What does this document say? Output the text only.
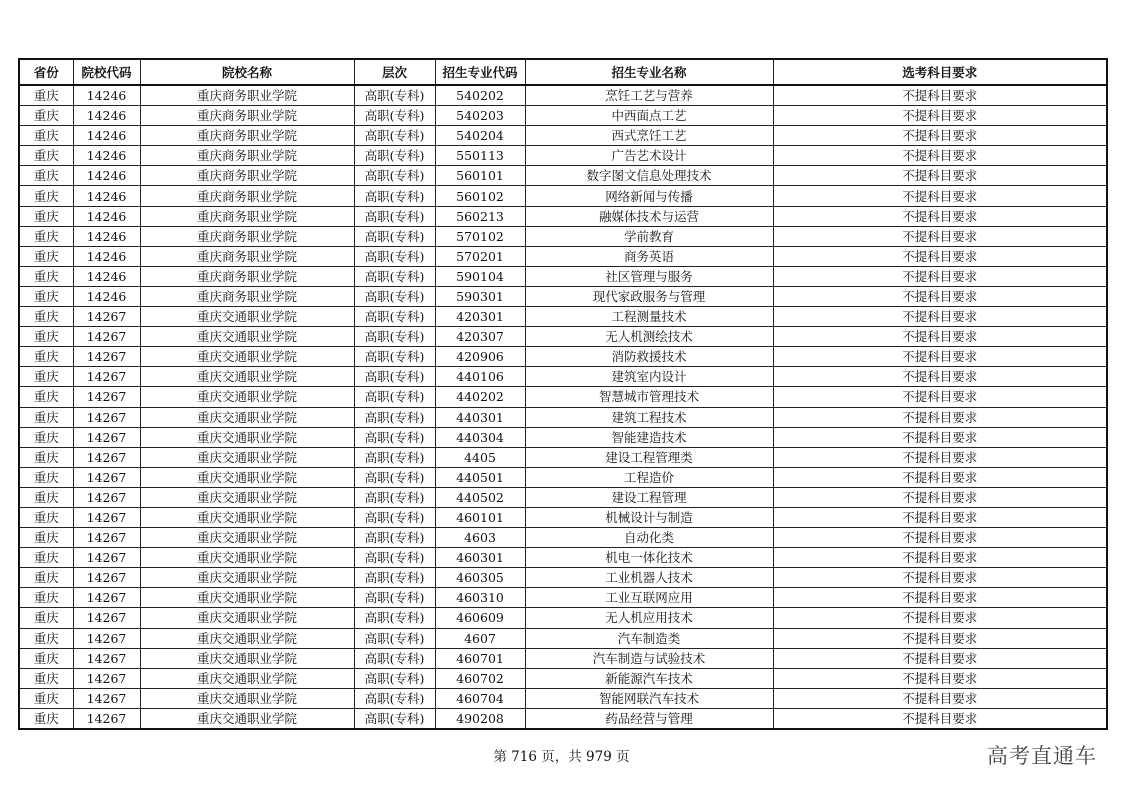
省份	院校代码	院校名称	层次	招生专业代码	招生专业名称	选考科目要求
重庆	14246	重庆商务职业学院	高职(专科)	540202	烹饪工艺与营养	不提科目要求
重庆	14246	重庆商务职业学院	高职(专科)	540203	中西面点工艺	不提科目要求
重庆	14246	重庆商务职业学院	高职(专科)	540204	西式烹饪工艺	不提科目要求
重庆	14246	重庆商务职业学院	高职(专科)	550113	广告艺术设计	不提科目要求
重庆	14246	重庆商务职业学院	高职(专科)	560101	数字图文信息处理技术	不提科目要求
重庆	14246	重庆商务职业学院	高职(专科)	560102	网络新闻与传播	不提科目要求
重庆	14246	重庆商务职业学院	高职(专科)	560213	融媒体技术与运营	不提科目要求
重庆	14246	重庆商务职业学院	高职(专科)	570102	学前教育	不提科目要求
重庆	14246	重庆商务职业学院	高职(专科)	570201	商务英语	不提科目要求
重庆	14246	重庆商务职业学院	高职(专科)	590104	社区管理与服务	不提科目要求
重庆	14246	重庆商务职业学院	高职(专科)	590301	现代家政服务与管理	不提科目要求
重庆	14267	重庆交通职业学院	高职(专科)	420301	工程测量技术	不提科目要求
重庆	14267	重庆交通职业学院	高职(专科)	420307	无人机测绘技术	不提科目要求
重庆	14267	重庆交通职业学院	高职(专科)	420906	消防救援技术	不提科目要求
重庆	14267	重庆交通职业学院	高职(专科)	440106	建筑室内设计	不提科目要求
重庆	14267	重庆交通职业学院	高职(专科)	440202	智慧城市管理技术	不提科目要求
重庆	14267	重庆交通职业学院	高职(专科)	440301	建筑工程技术	不提科目要求
重庆	14267	重庆交通职业学院	高职(专科)	440304	智能建造技术	不提科目要求
重庆	14267	重庆交通职业学院	高职(专科)	4405	建设工程管理类	不提科目要求
重庆	14267	重庆交通职业学院	高职(专科)	440501	工程造价	不提科目要求
重庆	14267	重庆交通职业学院	高职(专科)	440502	建设工程管理	不提科目要求
重庆	14267	重庆交通职业学院	高职(专科)	460101	机械设计与制造	不提科目要求
重庆	14267	重庆交通职业学院	高职(专科)	4603	自动化类	不提科目要求
重庆	14267	重庆交通职业学院	高职(专科)	460301	机电一体化技术	不提科目要求
重庆	14267	重庆交通职业学院	高职(专科)	460305	工业机器人技术	不提科目要求
重庆	14267	重庆交通职业学院	高职(专科)	460310	工业互联网应用	不提科目要求
重庆	14267	重庆交通职业学院	高职(专科)	460609	无人机应用技术	不提科目要求
重庆	14267	重庆交通职业学院	高职(专科)	4607	汽车制造类	不提科目要求
重庆	14267	重庆交通职业学院	高职(专科)	460701	汽车制造与试验技术	不提科目要求
重庆	14267	重庆交通职业学院	高职(专科)	460702	新能源汽车技术	不提科目要求
重庆	14267	重庆交通职业学院	高职(专科)	460704	智能网联汽车技术	不提科目要求
重庆	14267	重庆交通职业学院	高职(专科)	490208	药品经营与管理	不提科目要求
第 716 页，共 979 页	高考直通车
